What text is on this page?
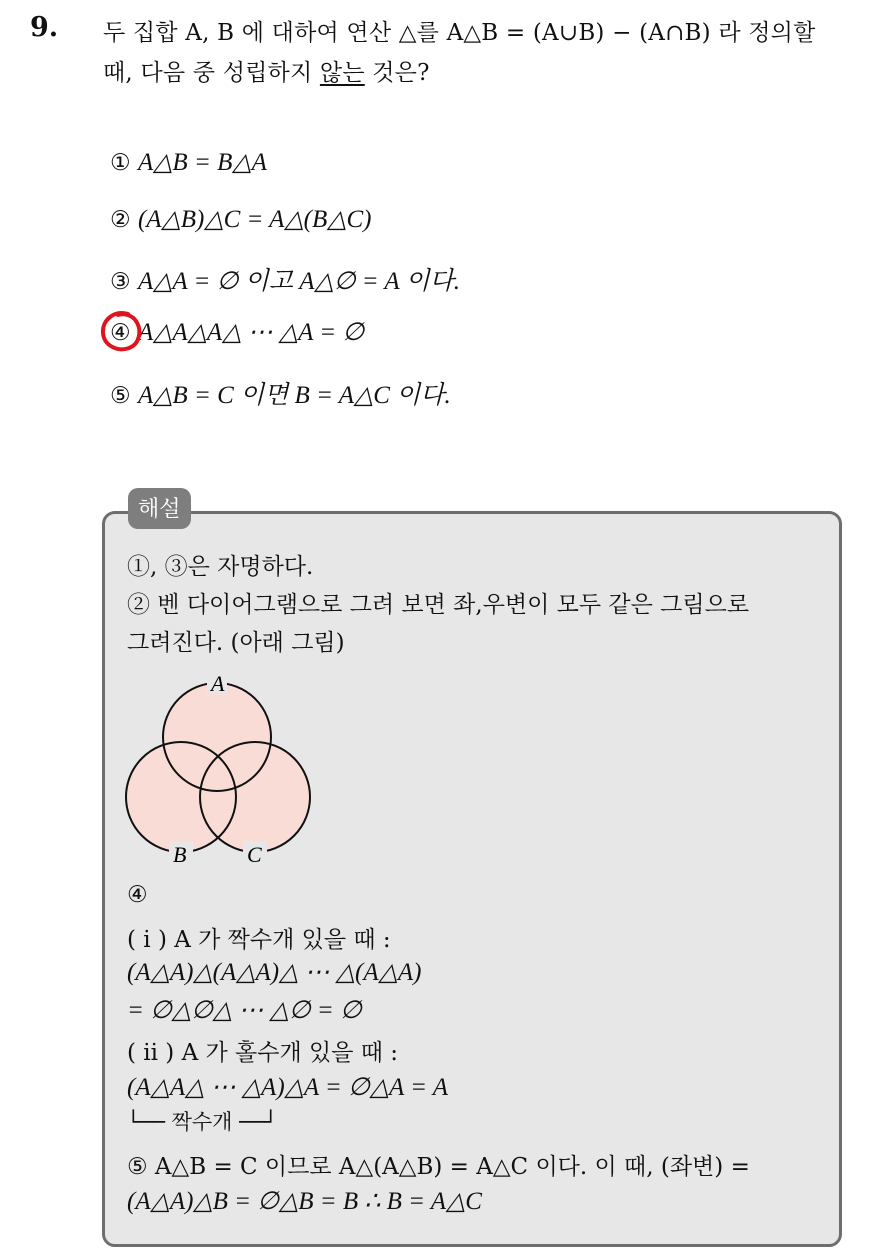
9. 두 집합 A, B 에 대하여 연산 △를 A△B = (A∪B) − (A∩B) 라 정의할
때, 다음 중 성립하지 않는 것은?
① A△B = B△A
② (A△B)△C = A△(B△C)
③ A△A = ∅ 이고 A△∅ = A 이다.
④ A△A△A△ ⋯ △A = ∅
⑤ A△B = C 이면 B = A△C 이다.
해설
①, ③은 자명하다.
② 벤 다이어그램으로 그려 보면 좌,우변이 모두 같은 그림으로
그려진다. (아래 그림)
A
B	C
④
( i ) A 가 짝수개 있을 때 :
(A△A)△(A△A)△ ⋯ △(A△A)
= ∅△∅△ ⋯ △∅ = ∅
( ii ) A 가 홀수개 있을 때 :
(A△A△ ⋯ △A)△A = ∅△A = A
└── 짝수개 ──┘
⑤ A△B = C 이므로 A△(A△B) = A△C 이다. 이 때, (좌변) =
(A△A)△B = ∅△B = B ∴ B = A△C
